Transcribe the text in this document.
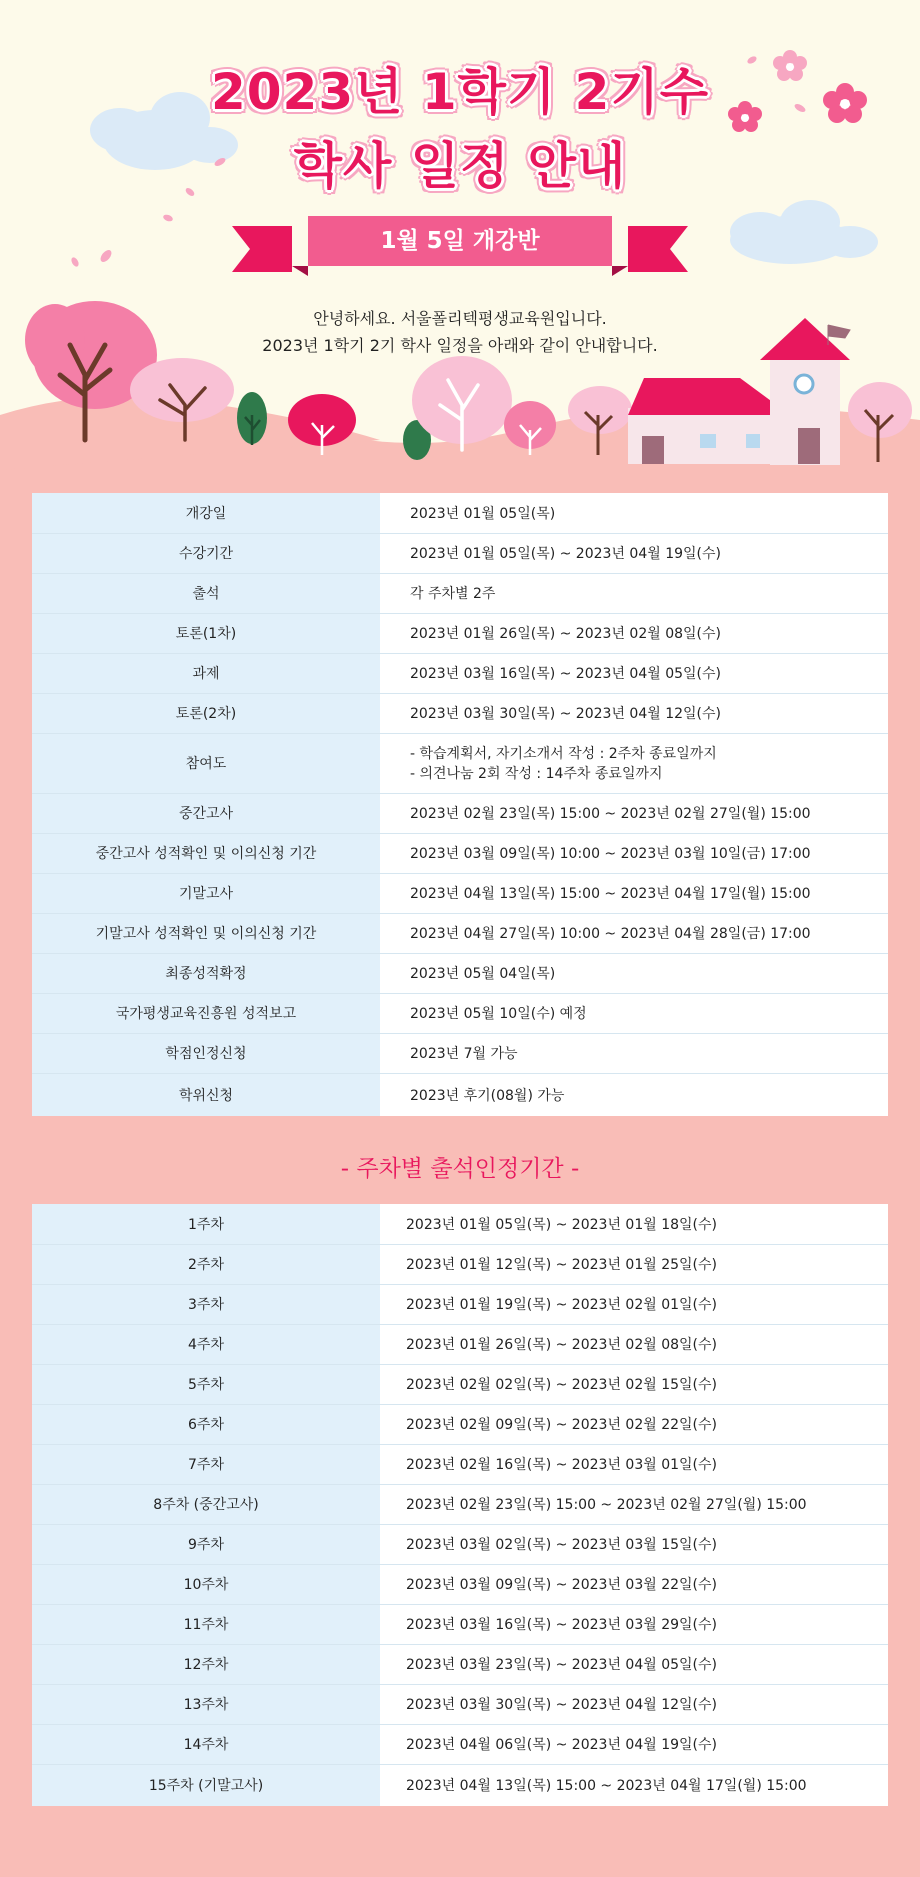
2023년 1학기 2기수
학사 일정 안내
1월 5일 개강반
안녕하세요. 서울폴리텍평생교육원입니다.
2023년 1학기 2기 학사 일정을 아래와 같이 안내합니다.
개강일	2023년 01월 05일(목)
수강기간	2023년 01월 05일(목) ~ 2023년 04월 19일(수)
출석	각 주차별 2주
토론(1차)	2023년 01월 26일(목) ~ 2023년 02월 08일(수)
과제	2023년 03월 16일(목) ~ 2023년 04월 05일(수)
토론(2차)	2023년 03월 30일(목) ~ 2023년 04월 12일(수)
참여도	- 학습계획서, 자기소개서 작성 : 2주차 종료일까지
- 의견나눔 2회 작성 : 14주차 종료일까지

중간고사	2023년 02월 23일(목) 15:00 ~ 2023년 02월 27일(월) 15:00
중간고사 성적확인 및 이의신청 기간	2023년 03월 09일(목) 10:00 ~ 2023년 03월 10일(금) 17:00
기말고사	2023년 04월 13일(목) 15:00 ~ 2023년 04월 17일(월) 15:00
기말고사 성적확인 및 이의신청 기간	2023년 04월 27일(목) 10:00 ~ 2023년 04월 28일(금) 17:00
최종성적확정	2023년 05월 04일(목)
국가평생교육진흥원 성적보고	2023년 05월 10일(수) 예정
학점인정신청	2023년 7월 가능
학위신청	2023년 후기(08월) 가능
- 주차별 출석인정기간 -
1주차	2023년 01월 05일(목) ~ 2023년 01월 18일(수)
2주차	2023년 01월 12일(목) ~ 2023년 01월 25일(수)
3주차	2023년 01월 19일(목) ~ 2023년 02월 01일(수)
4주차	2023년 01월 26일(목) ~ 2023년 02월 08일(수)
5주차	2023년 02월 02일(목) ~ 2023년 02월 15일(수)
6주차	2023년 02월 09일(목) ~ 2023년 02월 22일(수)
7주차	2023년 02월 16일(목) ~ 2023년 03월 01일(수)
8주차 (중간고사)	2023년 02월 23일(목) 15:00 ~ 2023년 02월 27일(월) 15:00
9주차	2023년 03월 02일(목) ~ 2023년 03월 15일(수)
10주차	2023년 03월 09일(목) ~ 2023년 03월 22일(수)
11주차	2023년 03월 16일(목) ~ 2023년 03월 29일(수)
12주차	2023년 03월 23일(목) ~ 2023년 04월 05일(수)
13주차	2023년 03월 30일(목) ~ 2023년 04월 12일(수)
14주차	2023년 04월 06일(목) ~ 2023년 04월 19일(수)
15주차 (기말고사)	2023년 04월 13일(목) 15:00 ~ 2023년 04월 17일(월) 15:00
